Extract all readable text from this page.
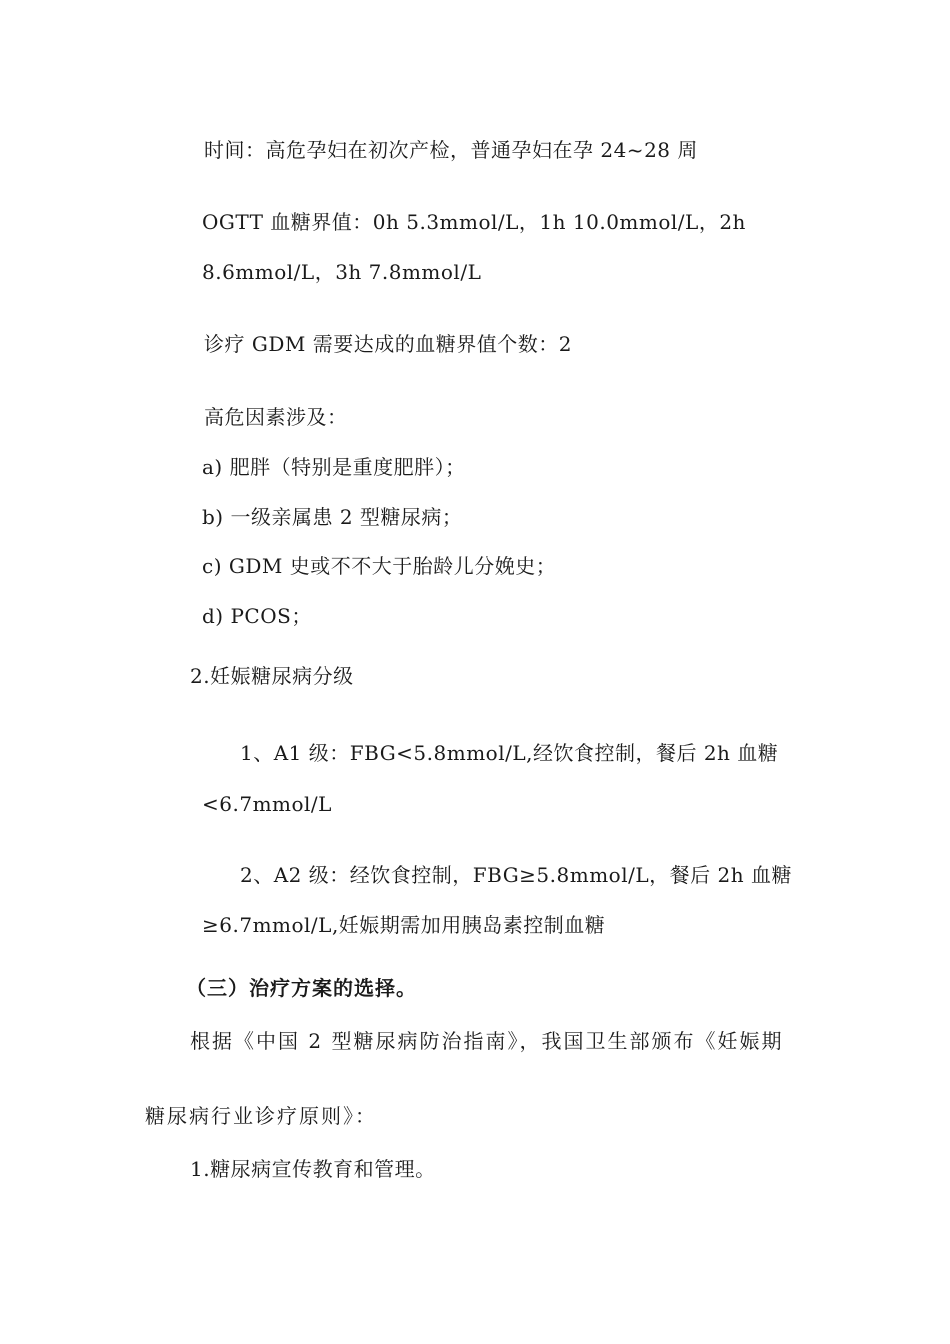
时间：高危孕妇在初次产检，普通孕妇在孕 24~28 周
OGTT 血糖界值：0h 5.3mmol/L，1h 10.0mmol/L，2h
8.6mmol/L，3h 7.8mmol/L
诊疗 GDM 需要达成的血糖界值个数：2
高危因素涉及：
a) 肥胖（特别是重度肥胖）；
b) 一级亲属患 2 型糖尿病；
c) GDM 史或不不大于胎龄儿分娩史；
d) PCOS；
2.妊娠糖尿病分级
1、A1 级：FBG<5.8mmol/L,经饮食控制，餐后 2h 血糖
<6.7mmol/L
2、A2 级：经饮食控制，FBG≥5.8mmol/L，餐后 2h 血糖
≥6.7mmol/L,妊娠期需加用胰岛素控制血糖
（三）治疗方案的选择。
根据《中国 2 型糖尿病防治指南》，我国卫生部颁布《妊娠期
糖尿病行业诊疗原则》：
1.糖尿病宣传教育和管理。
